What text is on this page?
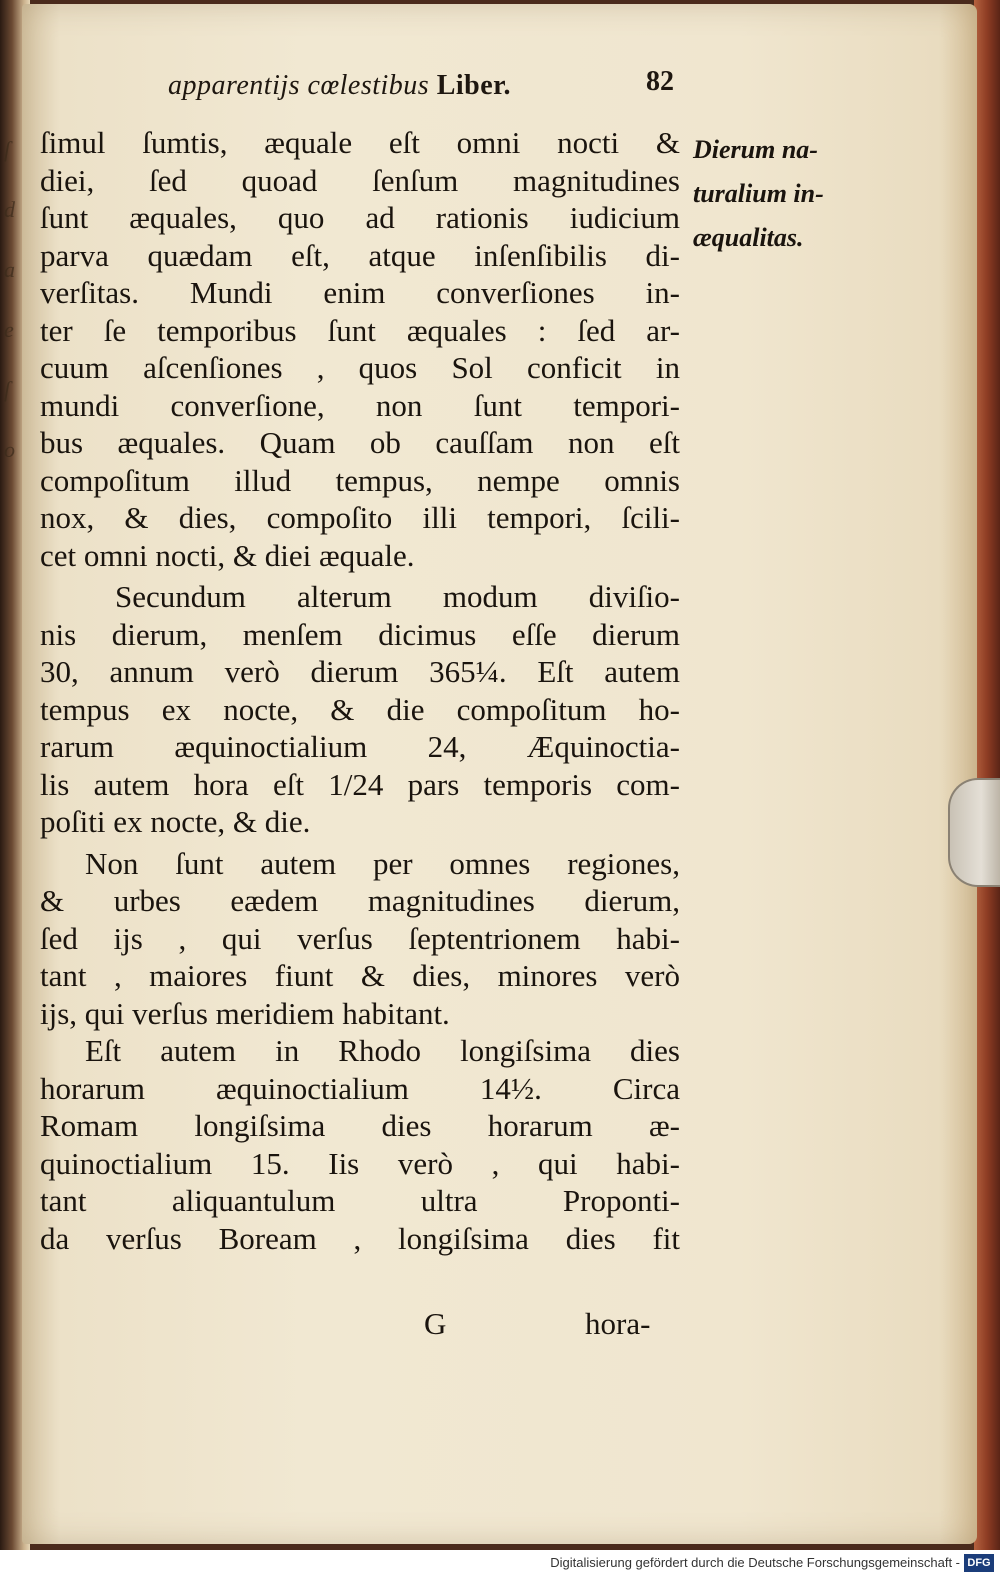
ſ
d
a
e
ſ
o
apparentijs cœlestibus Liber.	82
Dierum na-
turalium in-
æqualitas.
ſimul ſumtis, æquale eſt omni nocti &
diei, ſed quoad ſenſum magnitudines
ſunt æquales, quo ad rationis iudicium
parva quædam eſt, atque inſenſibilis di-
verſitas. Mundi enim converſiones in-
ter ſe temporibus ſunt æquales : ſed ar-
cuum aſcenſiones , quos Sol conficit in
mundi converſione, non ſunt tempori-
bus æquales. Quam ob cauſſam non eſt
compoſitum illud tempus, nempe omnis
nox, & dies, compoſito illi tempori, ſcili-
cet omni nocti, & diei æquale.
Secundum alterum modum diviſio-
nis dierum, menſem dicimus eſſe dierum
30, annum verò dierum 365¼. Eſt autem
tempus ex nocte, & die compoſitum ho-
rarum æquinoctialium 24, Æquinoctia-
lis autem hora eſt 1/24 pars temporis com-
poſiti ex nocte, & die.
Non ſunt autem per omnes regiones,
& urbes eædem magnitudines dierum,
ſed ijs , qui verſus ſeptentrionem habi-
tant , maiores fiunt & dies, minores verò
ijs, qui verſus meridiem habitant.
Eſt autem in Rhodo longiſsima dies
horarum æquinoctialium 14½. Circa
Romam longiſsima dies horarum æ-
quinoctialium 15. Iis verò , qui habi-
tant aliquantulum ultra Proponti-
da verſus Boream , longiſsima dies fit
G	hora-
Digitalisierung gefördert durch die Deutsche Forschungsgemeinschaft - DFG
